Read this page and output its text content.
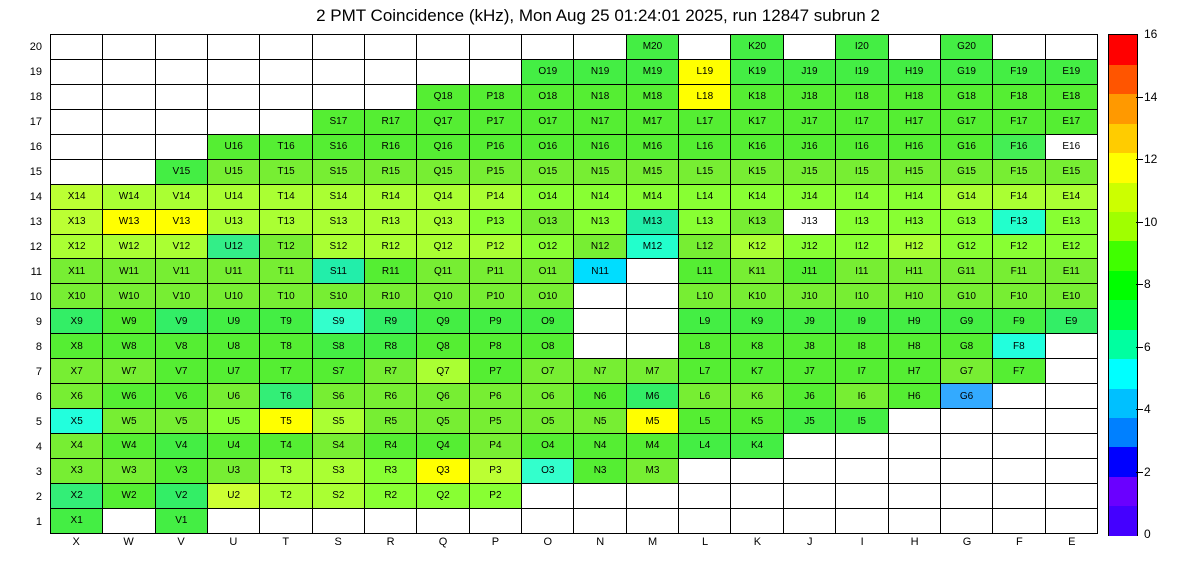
2 PMT Coincidence (kHz), Mon Aug 25 01:24:01 2025, run 12847 subrun 2
20
19
18
17
16
15
14
13
12
11
10
9
8
7
6
5
4
3
2
1
											M20		K20		I20		G20		
									O19	N19	M19	L19	K19	J19	I19	H19	G19	F19	E19
							Q18	P18	O18	N18	M18	L18	K18	J18	I18	H18	G18	F18	E18
					S17	R17	Q17	P17	O17	N17	M17	L17	K17	J17	I17	H17	G17	F17	E17
			U16	T16	S16	R16	Q16	P16	O16	N16	M16	L16	K16	J16	I16	H16	G16	F16	E16
		V15	U15	T15	S15	R15	Q15	P15	O15	N15	M15	L15	K15	J15	I15	H15	G15	F15	E15
X14	W14	V14	U14	T14	S14	R14	Q14	P14	O14	N14	M14	L14	K14	J14	I14	H14	G14	F14	E14
X13	W13	V13	U13	T13	S13	R13	Q13	P13	O13	N13	M13	L13	K13	J13	I13	H13	G13	F13	E13
X12	W12	V12	U12	T12	S12	R12	Q12	P12	O12	N12	M12	L12	K12	J12	I12	H12	G12	F12	E12
X11	W11	V11	U11	T11	S11	R11	Q11	P11	O11	N11		L11	K11	J11	I11	H11	G11	F11	E11
X10	W10	V10	U10	T10	S10	R10	Q10	P10	O10			L10	K10	J10	I10	H10	G10	F10	E10
X9	W9	V9	U9	T9	S9	R9	Q9	P9	O9			L9	K9	J9	I9	H9	G9	F9	E9
X8	W8	V8	U8	T8	S8	R8	Q8	P8	O8			L8	K8	J8	I8	H8	G8	F8	
X7	W7	V7	U7	T7	S7	R7	Q7	P7	O7	N7	M7	L7	K7	J7	I7	H7	G7	F7	
X6	W6	V6	U6	T6	S6	R6	Q6	P6	O6	N6	M6	L6	K6	J6	I6	H6	G6		
X5	W5	V5	U5	T5	S5	R5	Q5	P5	O5	N5	M5	L5	K5	J5	I5				
X4	W4	V4	U4	T4	S4	R4	Q4	P4	O4	N4	M4	L4	K4						
X3	W3	V3	U3	T3	S3	R3	Q3	P3	O3	N3	M3								
X2	W2	V2	U2	T2	S2	R2	Q2	P2											
X1		V1																	
X	W	V	U	T	S	R	Q	P	O	N	M	L	K	J	I	H	G	F	E
0
2
4
6
8
10
12
14
16
